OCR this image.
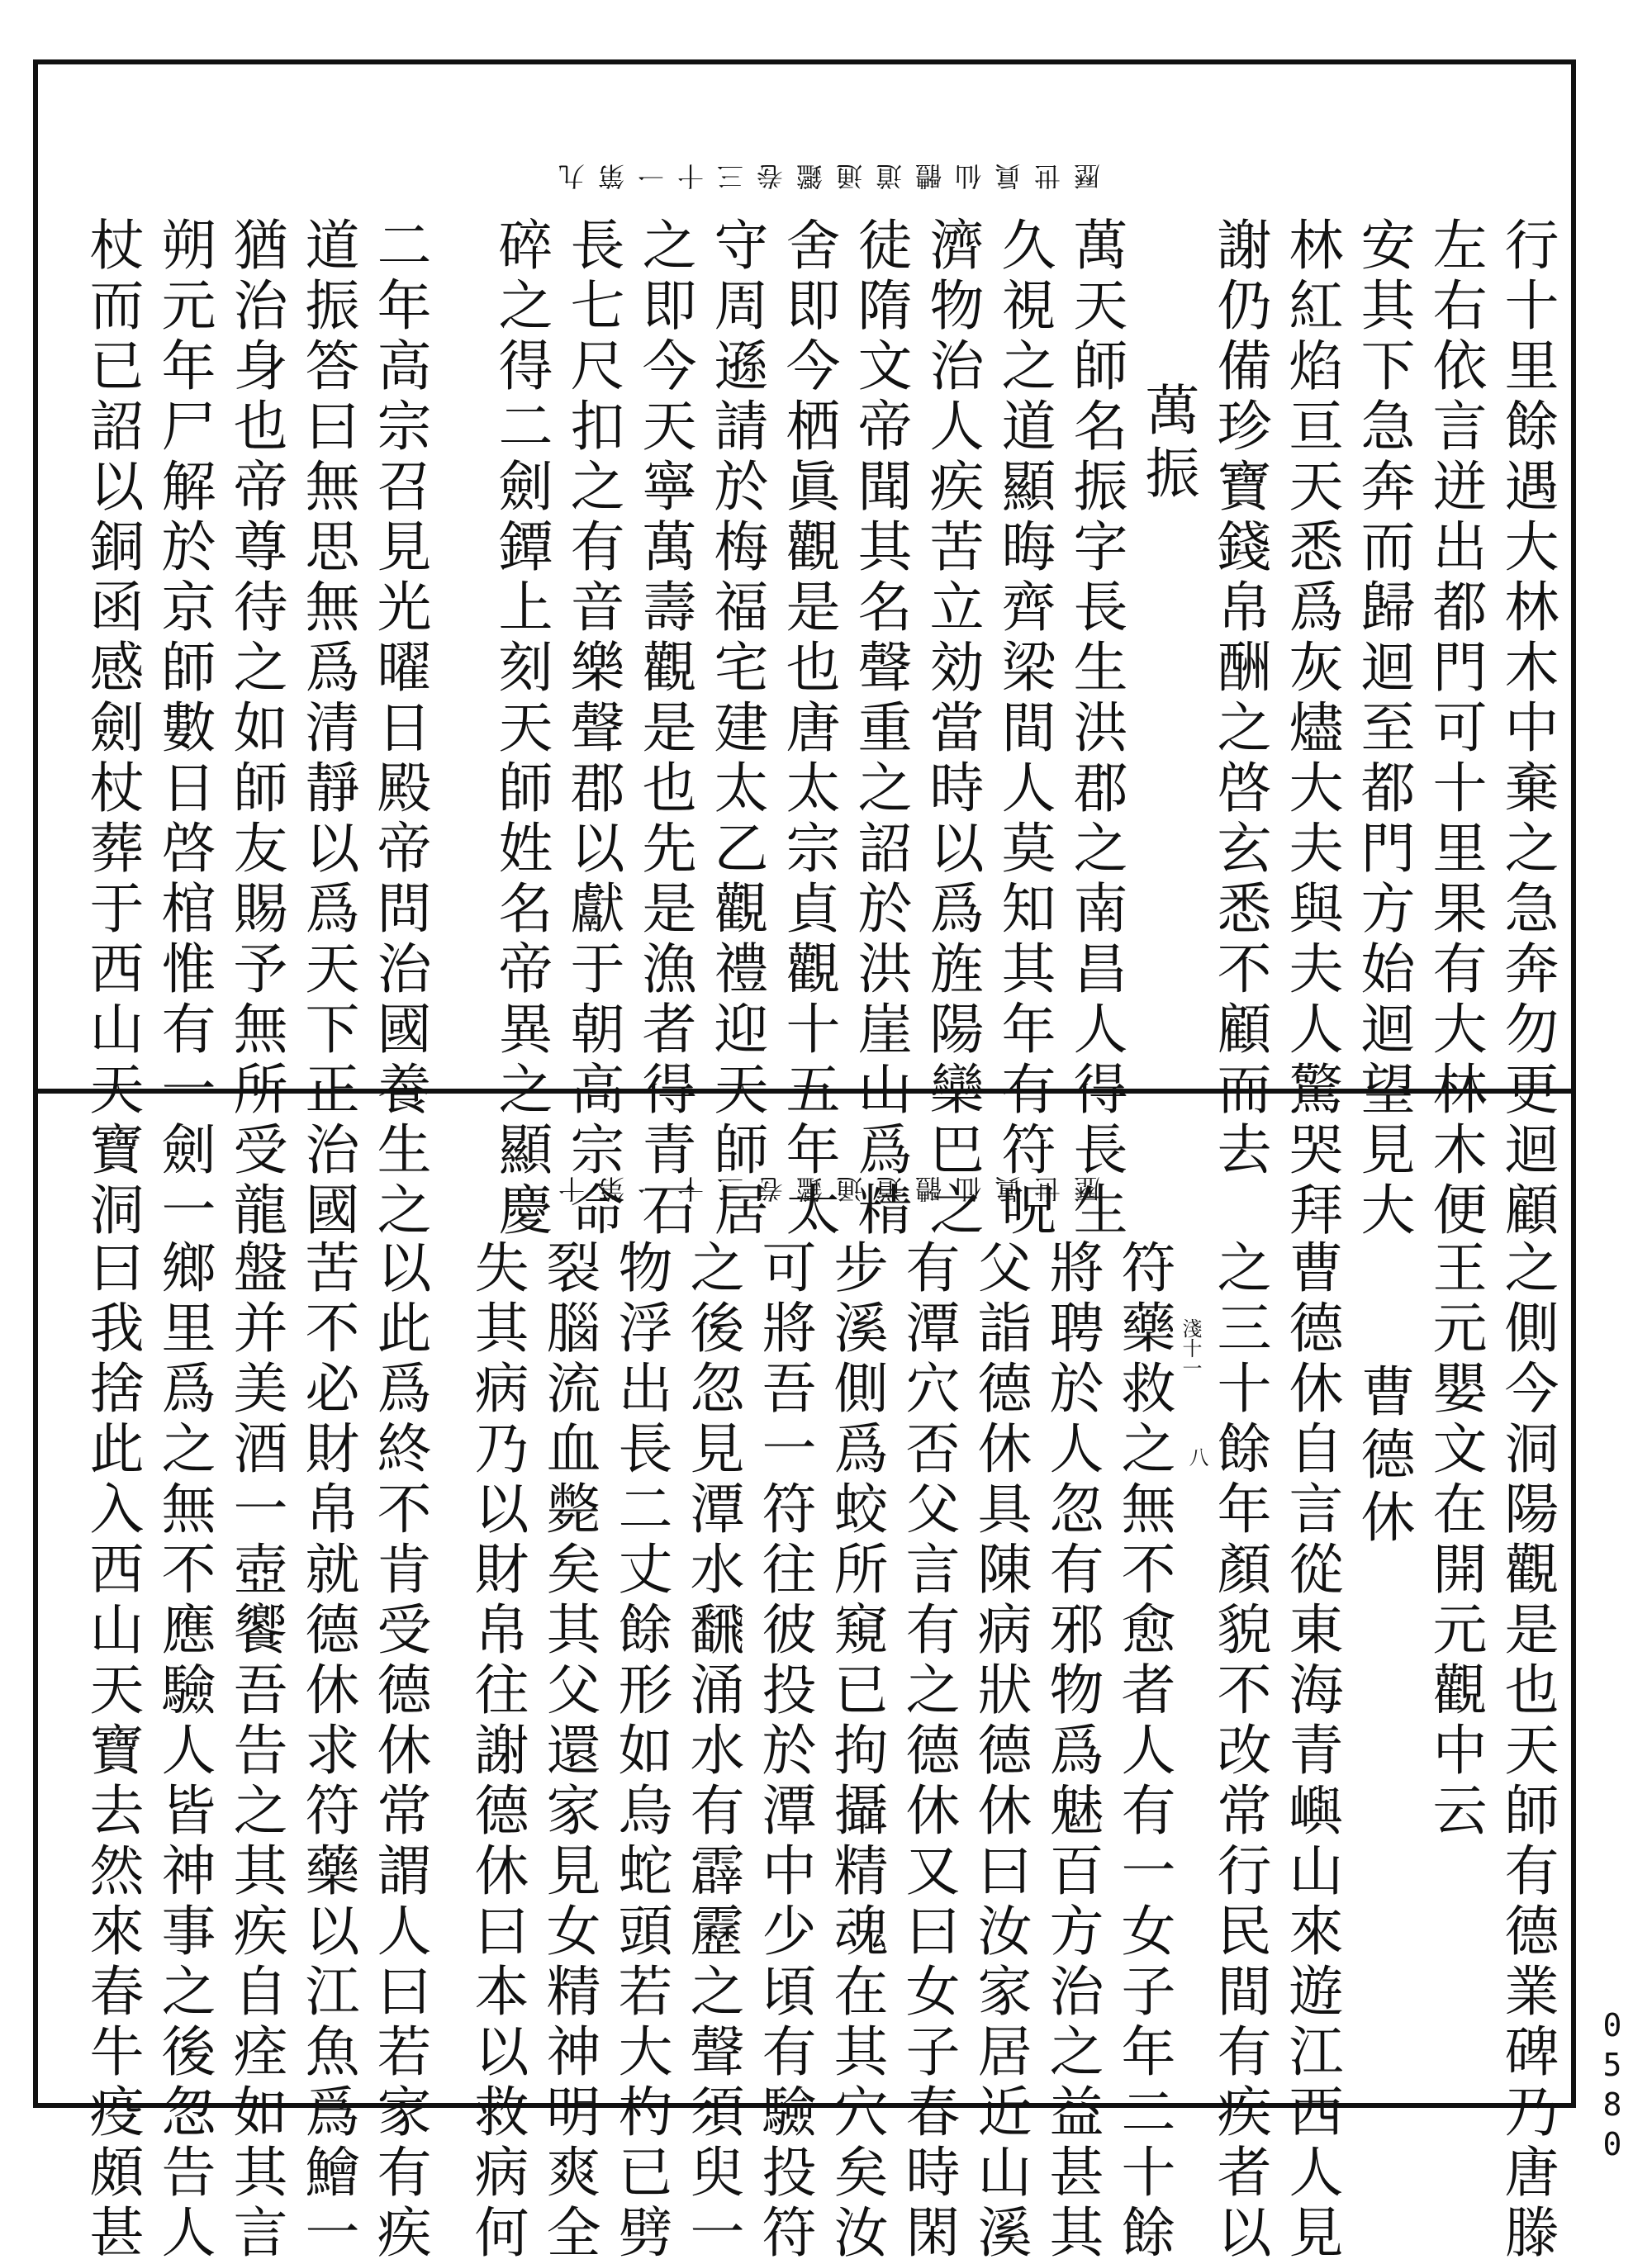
歷世眞仙體道通鑑卷三十一第九
歷世眞仙體道通鑑卷三十一第十	行十里餘遇大林木中棄之急奔勿更迴顧
左右依言迸出都門可十里果有大林木便
安其下急奔而歸迴至都門方始迴望見大
林紅焰亘天悉爲灰燼大夫與夫人驚哭拜
謝仍備珍寶錢帛酬之啓玄悉不顧而去
萬振
萬天師名振字長生洪郡之南昌人得長生
久視之道顯晦齊梁間人莫知其年有符呪
濟物治人疾苦立効當時以爲旌陽欒巴之
徒隋文帝聞其名聲重之詔於洪崖山爲精
舍即今栖眞觀是也唐太宗貞觀十五年太
守周遜請於梅福宅建太乙觀禮迎天師居
之即今天寧萬壽觀是也先是漁者得青石
長七尺扣之有音樂聲郡以獻于朝高宗命
碎之得二劍鐔上刻天師姓名帝異之顯慶
二年高宗召見光曜日殿帝問治國養生之
道振答曰無思無爲清靜以爲天下正治國
猶治身也帝尊待之如師友賜予無所受龍
朔元年尸解於京師數日啓棺惟有一劍一
杖而已詔以銅函感劍杖葬于西山天寶洞
之側今洞陽觀是也天師有德業碑乃唐滕
王元嬰文在開元觀中云
曹德休
曹德休自言從東海青嶼山來遊江西人見
之三十餘年顏貌不改常行民間有疾者以
符藥救之無不愈者人有一女子年二十餘
將聘於人忽有邪物爲魅百方治之益甚其
父詣德休具陳病狀德休曰汝家居近山溪
有潭穴否父言有之德休又曰女子春時閑
步溪側爲蛟所窺已拘攝精魂在其穴矣汝
可將吾一符往彼投於潭中少頃有驗投符
之後忽見潭水飜涌水有霹靂之聲須臾一
物浮出長二丈餘形如烏蛇頭若大杓已劈
裂腦流血斃矣其父還家見女精神明爽全
失其病乃以財帛往謝德休曰本以救病何
以此爲終不肯受德休常謂人曰若家有疾
苦不必財帛就德休求符藥以江魚爲鱠一
盤并美酒一壺饗吾告之其疾自痊如其言
鄉里爲之無不應驗人皆神事之後忽告人
曰我捨此入西山天寶去然來春牛疫頗甚	淺十一
八
0580
